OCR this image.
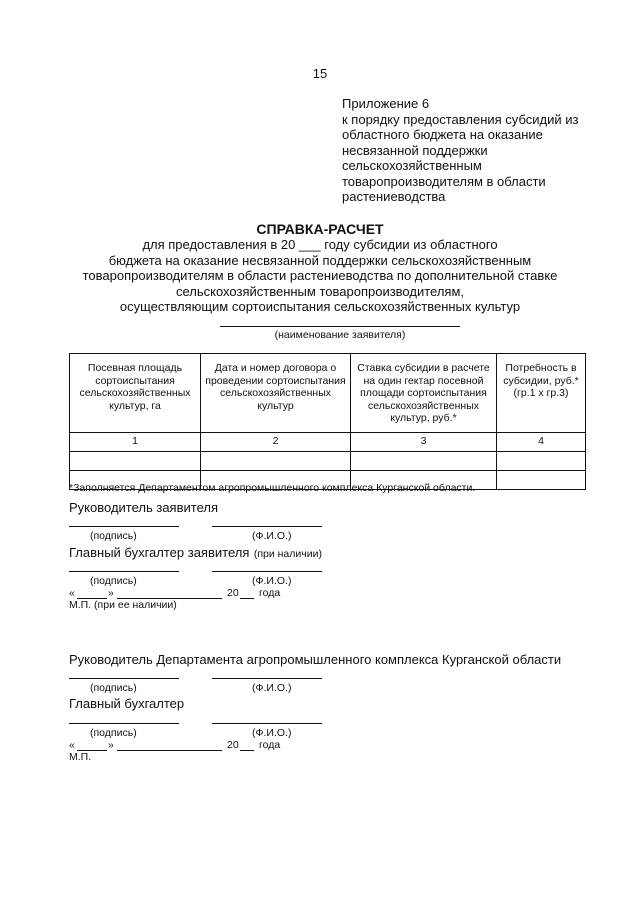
15
Приложение 6
к порядку предоставления субсидий из областного бюджета на оказание несвязанной поддержки сельскохозяйственным товаропроизводителям в области растениеводства
СПРАВКА-РАСЧЕТ
для предоставления в 20 ___ году субсидии из областного
бюджета на оказание несвязанной поддержки сельскохозяйственным
товаропроизводителям в области растениеводства по дополнительной ставке
сельскохозяйственным товаропроизводителям,
осуществляющим сортоиспытания сельскохозяйственных культур
(наименование заявителя)
Посевная площадь сортоиспытания сельскохозяйственных культур, га	Дата и номер договора о проведении сортоиспытания сельскохозяйственных культур	Ставка субсидии в расчете на один гектар посевной площади сортоиспытания сельскохозяйственных культур, руб.*	Потребность в субсидии, руб.* (гр.1 х гр.3)
1	2	3	4

*Заполняется Департаментом агропромышленного комплекса Курганской области.
Руководитель заявителя
(подпись)	(Ф.И.О.)
Главный бухгалтер заявителя (при наличии)
(подпись)	(Ф.И.О.)
«	»	20 года
М.П. (при ее наличии)
Руководитель Департамента агропромышленного комплекса Курганской области
(подпись)	(Ф.И.О.)
Главный бухгалтер
(подпись)	(Ф.И.О.)
«	»	20 года
М.П.
